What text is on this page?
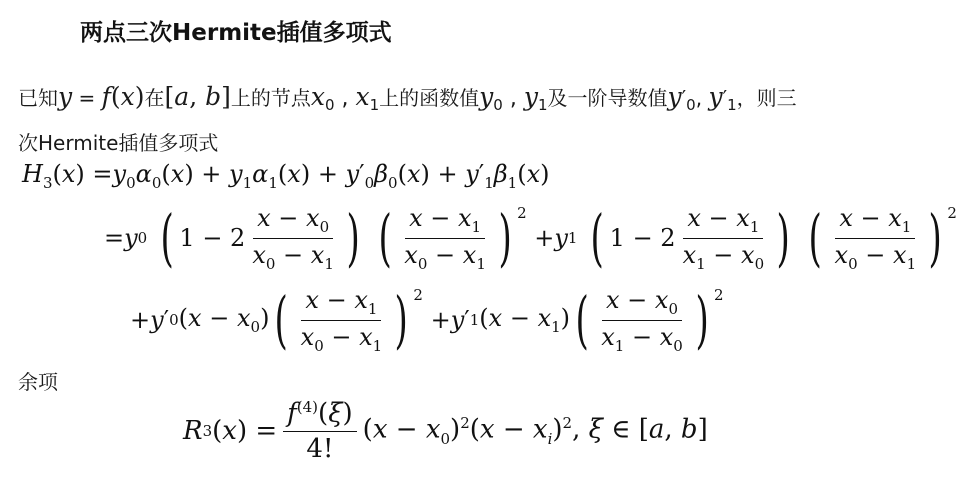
两点三次Hermite插值多项式
已知y = f(x)在[a, b]上的节点$x_0$ , $x_1$上的函数值$y_0$ , $y_1$及一阶导数值$y'_0$, $y'_1$，则三
次Hermite插值多项式
$H_3(x) =y_0\alpha_0(x) + y_1\alpha_1(x) + y'_0\beta_0(x) + y'_1\beta_1(x)$
= y 0 ( $1 - 2 \frac{x - x_0}{x_0 - x_1}$ ) ( $\frac{x - x_1}{x_0 - x_1}$ ) $^2$
+ y 1 ( $1 - 2 \frac{x - x_1}{x_1 - x_0}$ ) ( $\frac{x - x_1}{x_0 - x_1}$ ) $^2$
+ y ′ 0 $(x - x_0)$ ( $\frac{x - x_1}{x_0 - x_1}$ ) $^2$
+ y ′ 1 $(x - x_1)$ ( $\frac{x - x_0}{x_1 - x_0}$ ) $^2$
余项
R 3 $(x) = \frac{f^{(4)}(\xi)}{4!} (x - x_0)^2(x - x_i)^2$, ξ ∈ [a, b]
